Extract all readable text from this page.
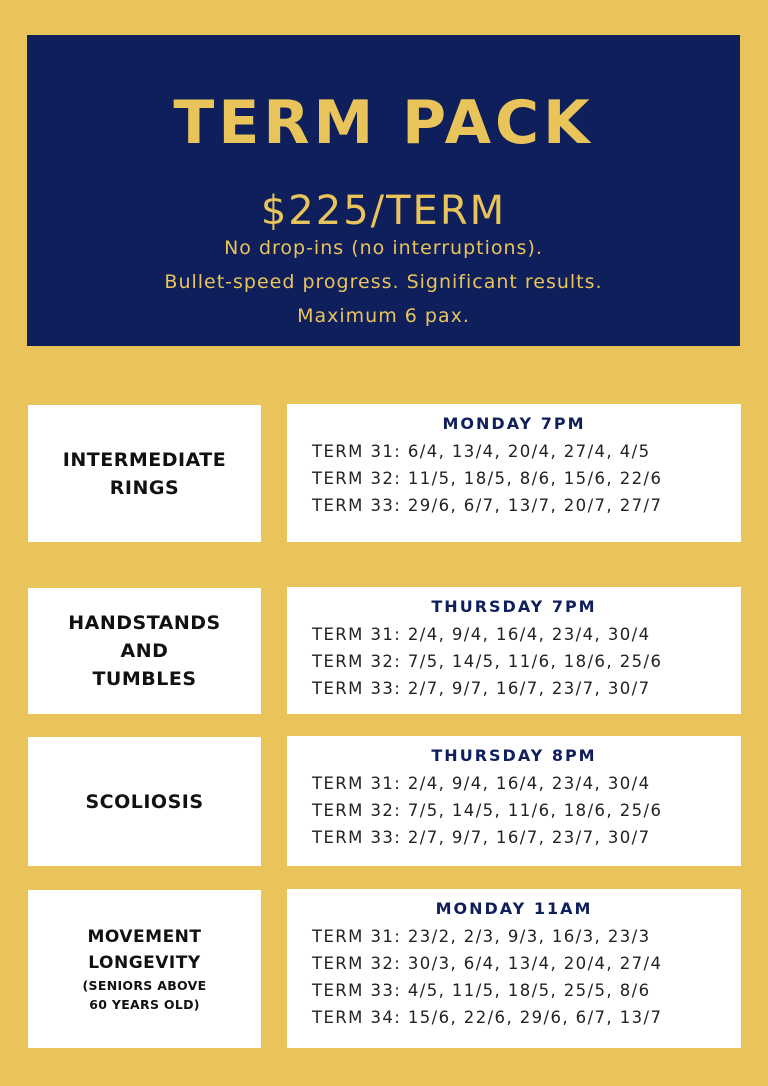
TERM PACK
$225/TERM
No drop-ins (no interruptions).
Bullet-speed progress. Significant results.
Maximum 6 pax.
INTERMEDIATE
RINGS
MONDAY 7PM
TERM 31: 6/4, 13/4, 20/4, 27/4, 4/5
TERM 32: 11/5, 18/5, 8/6, 15/6, 22/6
TERM 33: 29/6, 6/7, 13/7, 20/7, 27/7
HANDSTANDS
AND
TUMBLES
THURSDAY 7PM
TERM 31: 2/4, 9/4, 16/4, 23/4, 30/4
TERM 32: 7/5, 14/5, 11/6, 18/6, 25/6
TERM 33: 2/7, 9/7, 16/7, 23/7, 30/7
SCOLIOSIS
THURSDAY 8PM
TERM 31: 2/4, 9/4, 16/4, 23/4, 30/4
TERM 32: 7/5, 14/5, 11/6, 18/6, 25/6
TERM 33: 2/7, 9/7, 16/7, 23/7, 30/7
MOVEMENT
LONGEVITY
(SENIORS ABOVE
60 YEARS OLD)
MONDAY 11AM
TERM 31: 23/2, 2/3, 9/3, 16/3, 23/3
TERM 32: 30/3, 6/4, 13/4, 20/4, 27/4
TERM 33: 4/5, 11/5, 18/5, 25/5, 8/6
TERM 34: 15/6, 22/6, 29/6, 6/7, 13/7
